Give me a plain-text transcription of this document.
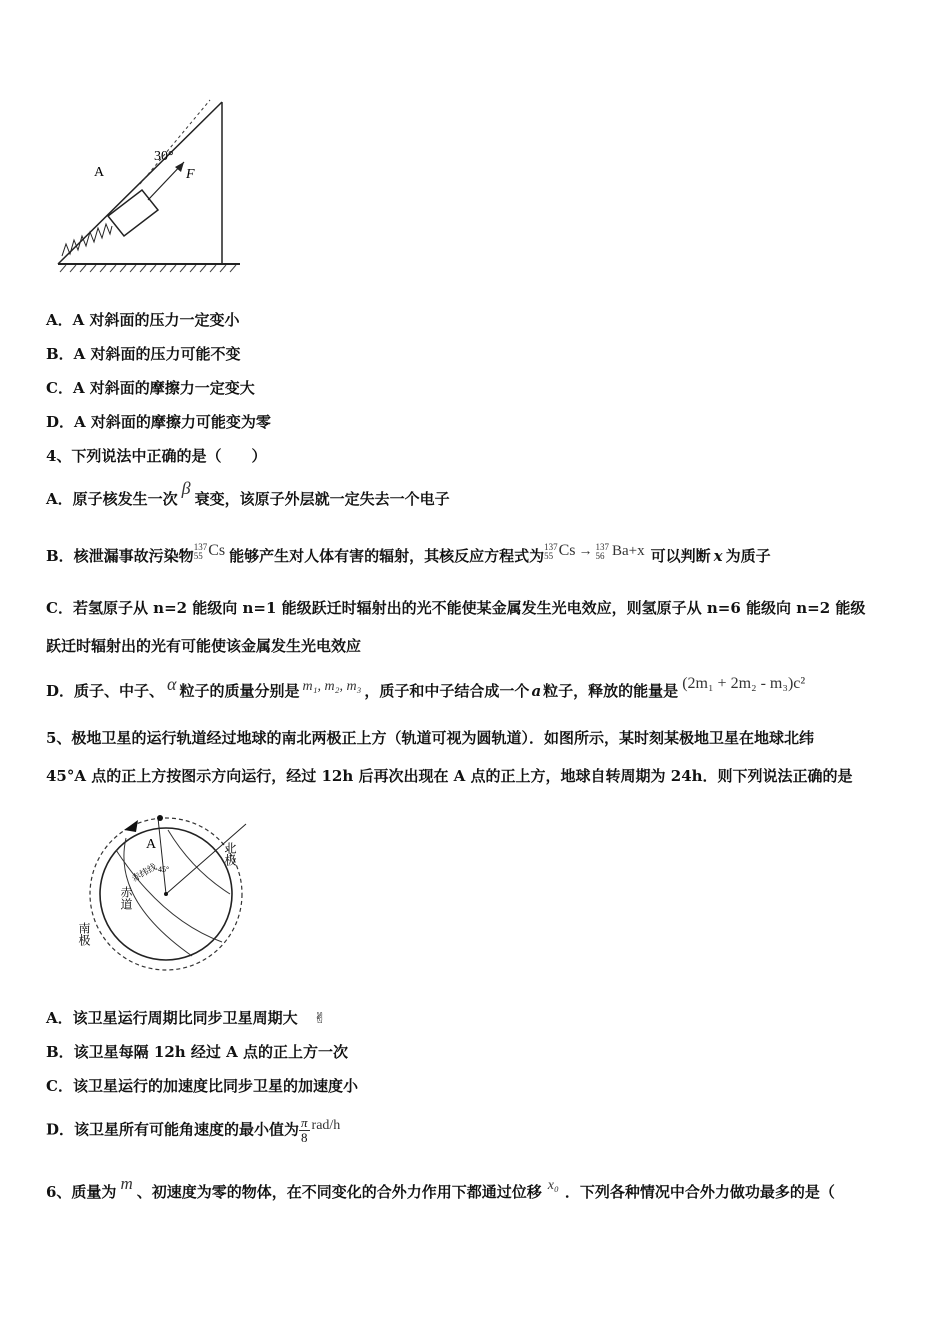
A
30°
F
A．A 对斜面的压力一定变小
B．A 对斜面的压力可能不变
C．A 对斜面的摩擦力一定变大
D．A 对斜面的摩擦力可能变为零
4、下列说法中正确的是（　　）
A．原子核发生一次β衰变，该原子外层就一定失去一个电子
B．核泄漏事故污染物
137
55 Cs 能够产生对人体有害的辐射，其核反应方程式为
137
55 Cs → 137
56 Ba+x 可以判断 x 为质子
C．若氢原子从 n=2 能级向 n=1 能级跃迁时辐射出的光不能使某金属发生光电效应，则氢原子从 n=6 能级向 n=2 能级
跃迁时辐射出的光有可能使该金属发生光电效应
D．质子、中子、 α 粒子的质量分别是 m₁, m₂, m₃ ，质子和中子结合成一个 a 粒子，释放的能量是 (2m₁ + 2m₂ - m₃)c²
5、极地卫星的运行轨道经过地球的南北两极正上方（轨道可视为圆轨道）．如图所示，某时刻某极地卫星在地球北纬
45°A 点的正上方按图示方向运行，经过 12h 后再次出现在 A 点的正上方，地球自转周期为 24h．则下列说法正确的是
A
45°
赤纬线
北极
赤道
南极
A．该卫星运行周期比同步卫星周期大 ✌
B．该卫星每隔 12h 经过 A 点的正上方一次
C．该卫星运行的加速度比同步卫星的加速度小
D．该卫星所有可能角速度的最小值为 $\frac{\pi}{8} rad/h$
6、质量为 m 、初速度为零的物体，在不同变化的合外力作用下都通过位移 x₀ ．下列各种情况中合外力做功最多的是（
